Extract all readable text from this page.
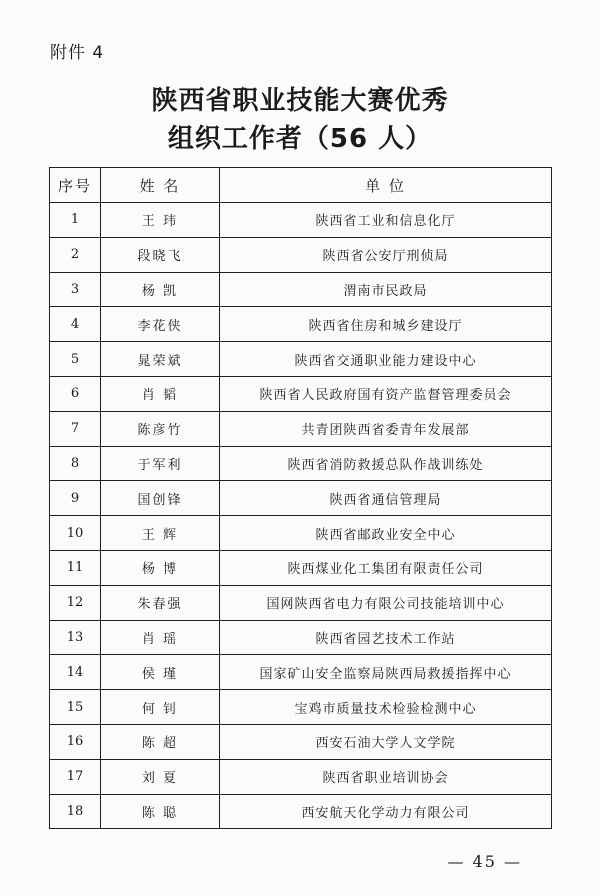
附件 4
陕西省职业技能大赛优秀
组织工作者（56 人）
序号	姓 名	单 位
1	王 玮	陕西省工业和信息化厅
2	段晓飞	陕西省公安厅刑侦局
3	杨 凯	渭南市民政局
4	李花侠	陕西省住房和城乡建设厅
5	晁荣斌	陕西省交通职业能力建设中心
6	肖 韬	陕西省人民政府国有资产监督管理委员会
7	陈彦竹	共青团陕西省委青年发展部
8	于军利	陕西省消防救援总队作战训练处
9	国创锋	陕西省通信管理局
10	王 辉	陕西省邮政业安全中心
11	杨 博	陕西煤业化工集团有限责任公司
12	朱春强	国网陕西省电力有限公司技能培训中心
13	肖 瑶	陕西省园艺技术工作站
14	侯 瑾	国家矿山安全监察局陕西局救援指挥中心
15	何 钊	宝鸡市质量技术检验检测中心
16	陈 超	西安石油大学人文学院
17	刘 夏	陕西省职业培训协会
18	陈 聪	西安航天化学动力有限公司
— 45 —
